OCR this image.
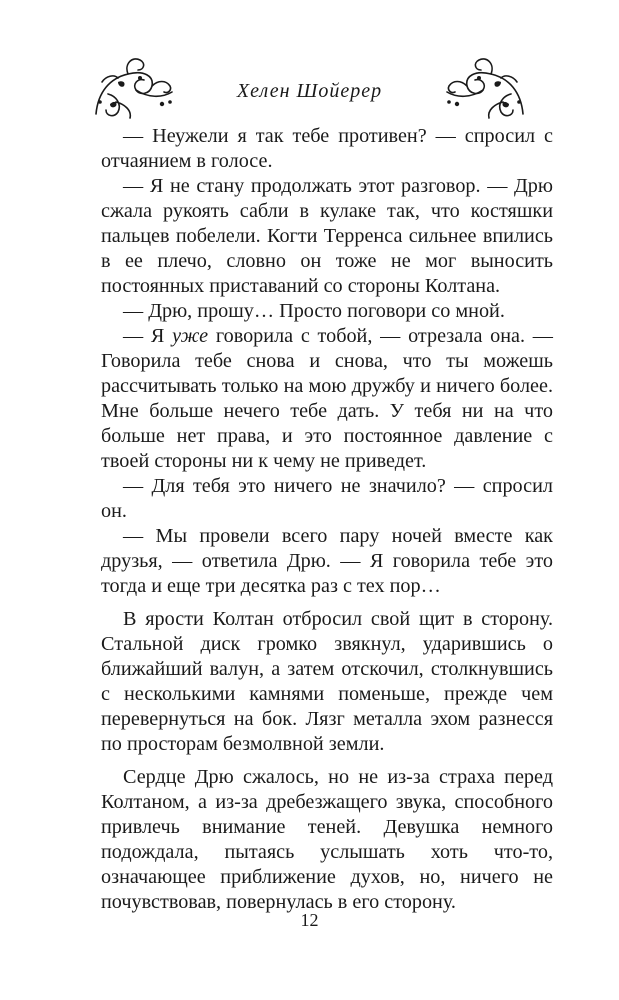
Хелен Шойерер

— Неужели я так тебе противен? — спросил с отчаянием в голосе.

— Я не стану продолжать этот разговор. — Дрю сжала рукоять сабли в кулаке так, что костяшки пальцев побелели. Когти Терренса сильнее впились в ее плечо, словно он тоже не мог выносить постоянных приставаний со стороны Колтана.

— Дрю, прошу… Просто поговори со мной.

— Я уже говорила с тобой, — отрезала она. — Говорила тебе снова и снова, что ты можешь рассчитывать только на мою дружбу и ничего более. Мне больше нечего тебе дать. У тебя ни на что больше нет права, и это постоянное давление с твоей стороны ни к чему не приведет.

— Для тебя это ничего не значило? — спросил он.

— Мы провели всего пару ночей вместе как друзья, — ответила Дрю. — Я говорила тебе это тогда и еще три десятка раз с тех пор…

В ярости Колтан отбросил свой щит в сторону. Стальной диск громко звякнул, ударившись о ближайший валун, а затем отскочил, столкнувшись с несколькими камнями поменьше, прежде чем перевернуться на бок. Лязг металла эхом разнесся по просторам безмолвной земли.

Сердце Дрю сжалось, но не из-за страха перед Колтаном, а из-за дребезжащего звука, способного привлечь внимание теней. Девушка немного подождала, пытаясь услышать хоть что-то, означающее приближение духов, но, ничего не почувствовав, повернулась в его сторону.

12
